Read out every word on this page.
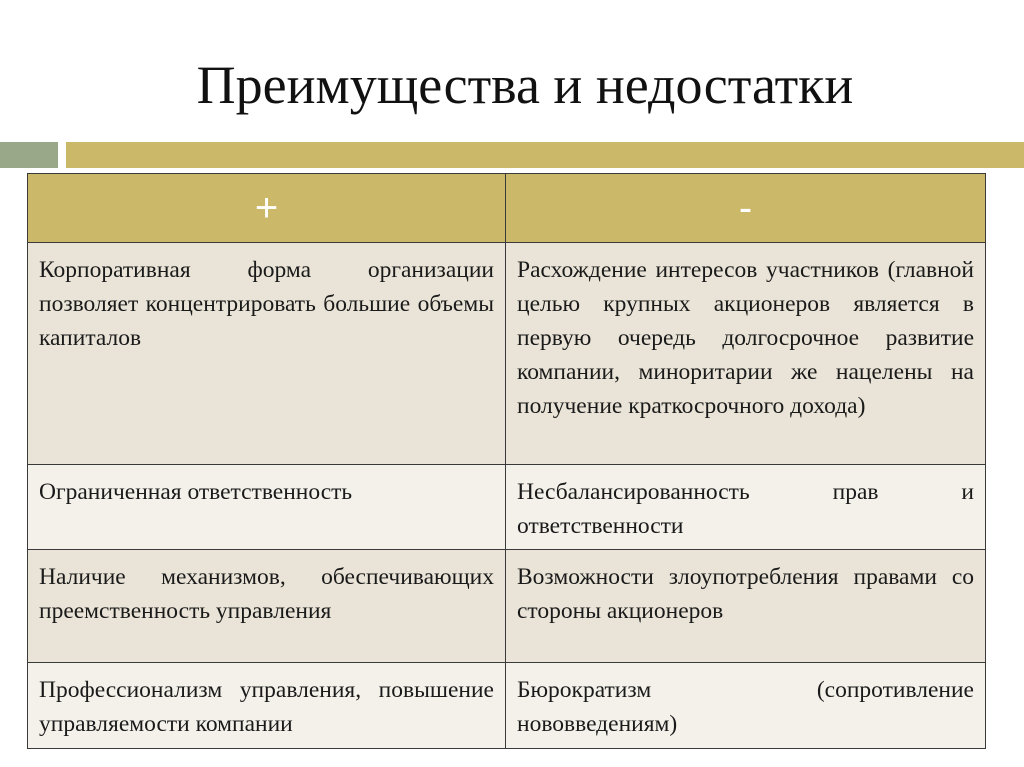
Преимущества и недостатки
+	-
Корпоративная форма организации позволяет концентрировать большие объемы капиталов	Расхождение интересов участников (главной целью крупных акционеров является в первую очередь долгосрочное развитие компании, миноритарии же нацелены на получение краткосрочного дохода)
Ограниченная ответственность	Несбалансированность прав и ответственности
Наличие механизмов, обеспечивающих преемственность управления	Возможности злоупотребления правами со стороны акционеров
Профессионализм управления, повышение управляемости компании	Бюрократизм (сопротивление нововведениям)
